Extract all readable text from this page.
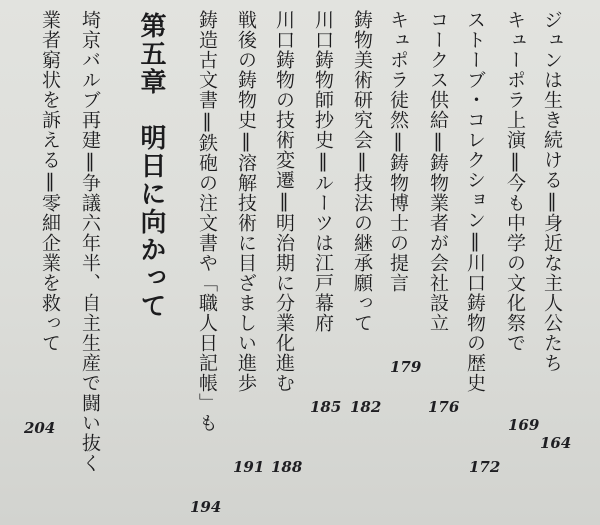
ジュンは生き続ける‖身近な主人公たち
164
キューポラ上演‖今も中学の文化祭で
169
ストーブ・コレクション‖川口鋳物の歴史
172
コークス供給‖鋳物業者が会社設立
176
キュポラ徒然‖鋳物博士の提言
179
鋳物美術研究会‖技法の継承願って
182
川口鋳物師抄史‖ルーツは江戸幕府
川口鋳物の技術変遷‖明治期に分業化進む
185
戦後の鋳物史‖溶解技術に目ざましい進歩
188
鋳造古文書‖鉄砲の注文書や「職人日記帳」も
191
第五章　明日に向かって
194
埼京バルブ再建‖争議六年半、自主生産で闘い抜く
業者窮状を訴える‖零細企業を救って
204
